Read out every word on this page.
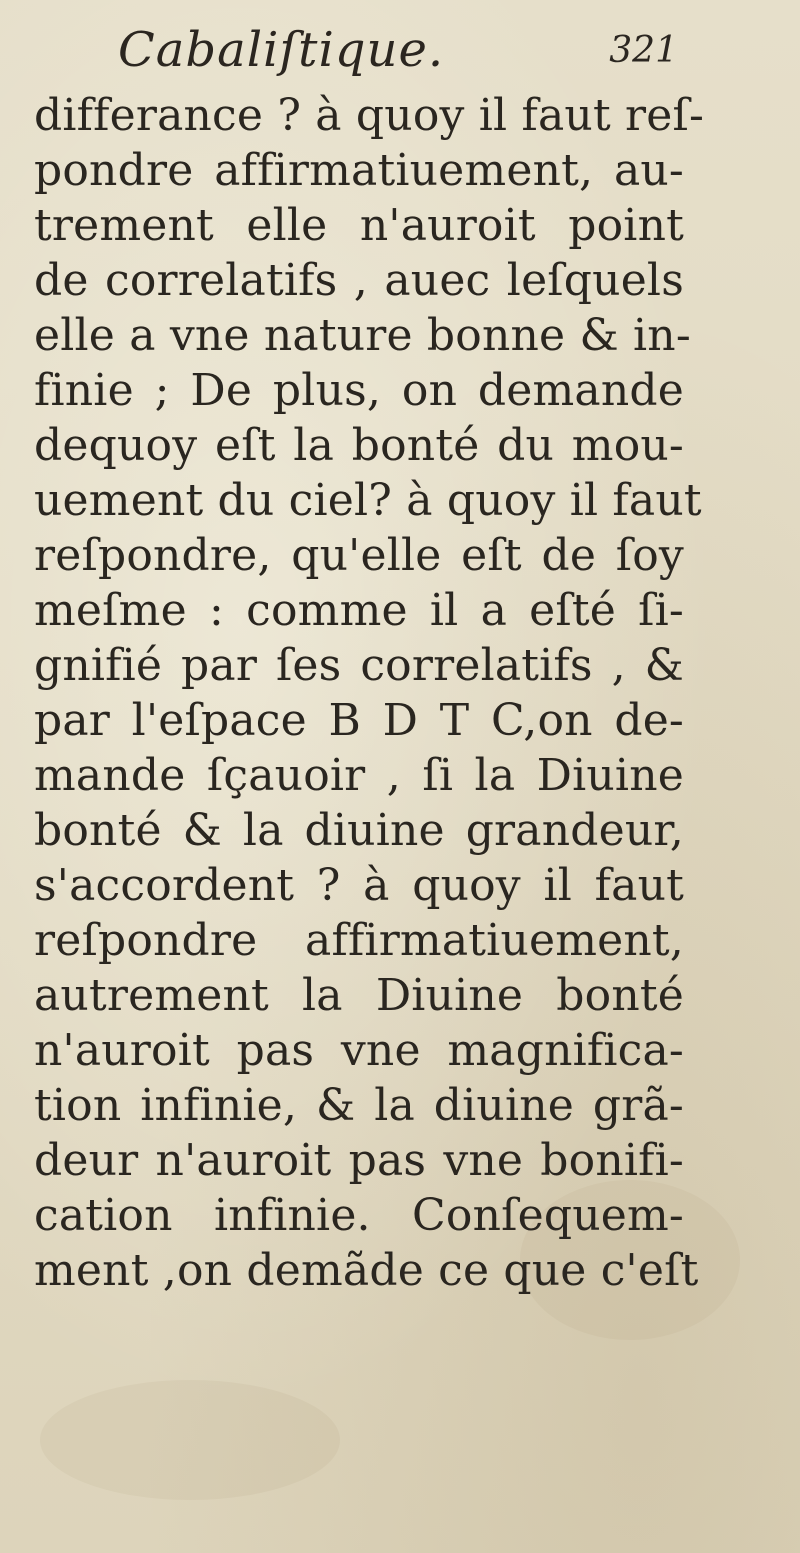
Cabaliſtique.	321
differance ? à quoy il faut reſ-
pondre affirmatiuement, au-
trement elle n'auroit point
de correlatifs , auec leſquels
elle a vne nature bonne & in-
finie ; De plus, on demande
dequoy eſt la bonté du mou-
uement du ciel? à quoy il faut
reſpondre, qu'elle eſt de ſoy
meſme : comme il a eſté ſi-
gnifié par ſes correlatifs , &
par l'eſpace B D T C,on de-
mande ſçauoir , ſi la Diuine
bonté & la diuine grandeur,
s'accordent ? à quoy il faut
reſpondre affirmatiuement,
autrement la Diuine bonté
n'auroit pas vne magnifica-
tion infinie, & la diuine grã-
deur n'auroit pas vne bonifi-
cation infinie. Conſequem-
ment ,on demãde ce que c'eſt
